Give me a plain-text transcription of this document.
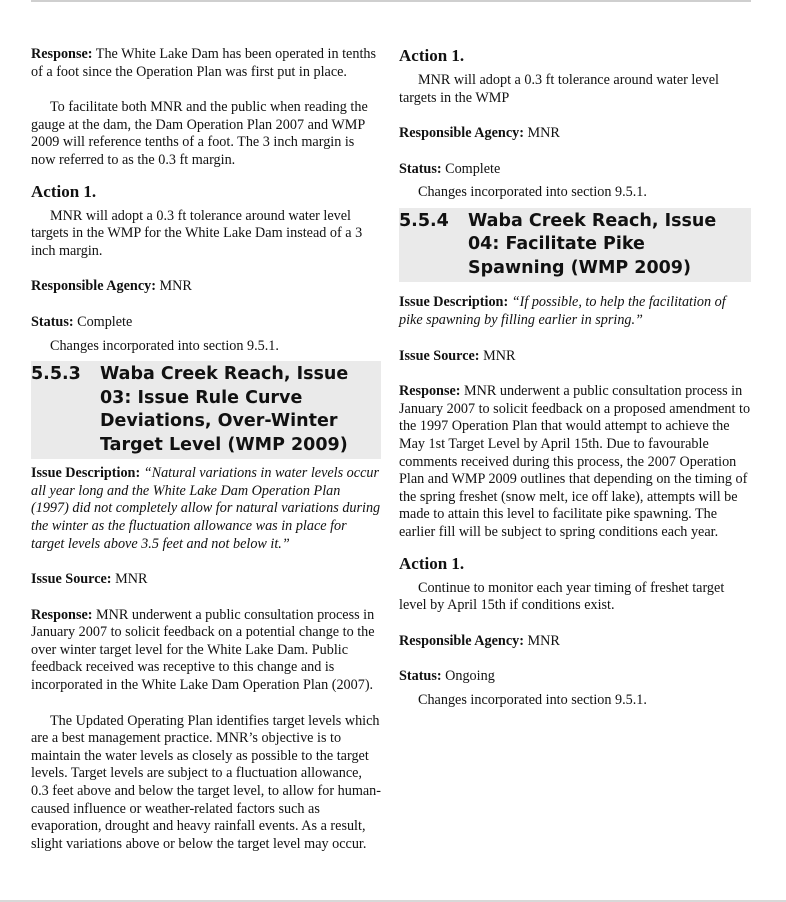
Response: The White Lake Dam has been operated in tenths of a foot since the Operation Plan was first put in place.

To facilitate both MNR and the public when reading the gauge at the dam, the Dam Operation Plan 2007 and WMP 2009 will reference tenths of a foot. The 3 inch margin is now referred to as the 0.3 ft margin.

Action 1.

MNR will adopt a 0.3 ft tolerance around water level targets in the WMP for the White Lake Dam instead of a 3 inch margin.

Responsible Agency: MNR

Status: Complete

Changes incorporated into section 9.5.1.

5.5.3	Waba Creek Reach, Issue 03: Issue Rule Curve Deviations, Over-Winter Target Level (WMP 2009)

Issue Description: “Natural variations in water levels occur all year long and the White Lake Dam Operation Plan (1997) did not completely allow for natural variations during the winter as the fluctuation allowance was in place for target levels above 3.5 feet and not below it.”

Issue Source: MNR

Response: MNR underwent a public consultation process in January 2007 to solicit feedback on a potential change to the over winter target level for the White Lake Dam. Public feedback received was receptive to this change and is incorporated in the White Lake Dam Operation Plan (2007).

The Updated Operating Plan identifies target levels which are a best management practice. MNR’s objective is to maintain the water levels as closely as possible to the target levels. Target levels are subject to a fluctuation allowance, 0.3 feet above and below the target level, to allow for human-caused influence or weather-related factors such as evaporation, drought and heavy rainfall events. As a result, slight variations above or below the target level may occur.

Action 1.

MNR will adopt a 0.3 ft tolerance around water level targets in the WMP

Responsible Agency: MNR

Status: Complete

Changes incorporated into section 9.5.1.

5.5.4	Waba Creek Reach, Issue 04: Facilitate Pike Spawning (WMP 2009)

Issue Description: “If possible, to help the facilitation of pike spawning by filling earlier in spring.”

Issue Source: MNR

Response: MNR underwent a public consultation process in January 2007 to solicit feedback on a proposed amendment to the 1997 Operation Plan that would attempt to achieve the May 1st Target Level by April 15th. Due to favourable comments received during this process, the 2007 Operation Plan and WMP 2009 outlines that depending on the timing of the spring freshet (snow melt, ice off lake), attempts will be made to attain this level to facilitate pike spawning. The earlier fill will be subject to spring conditions each year.

Action 1.

Continue to monitor each year timing of freshet target level by April 15th if conditions exist.

Responsible Agency: MNR

Status: Ongoing

Changes incorporated into section 9.5.1.
